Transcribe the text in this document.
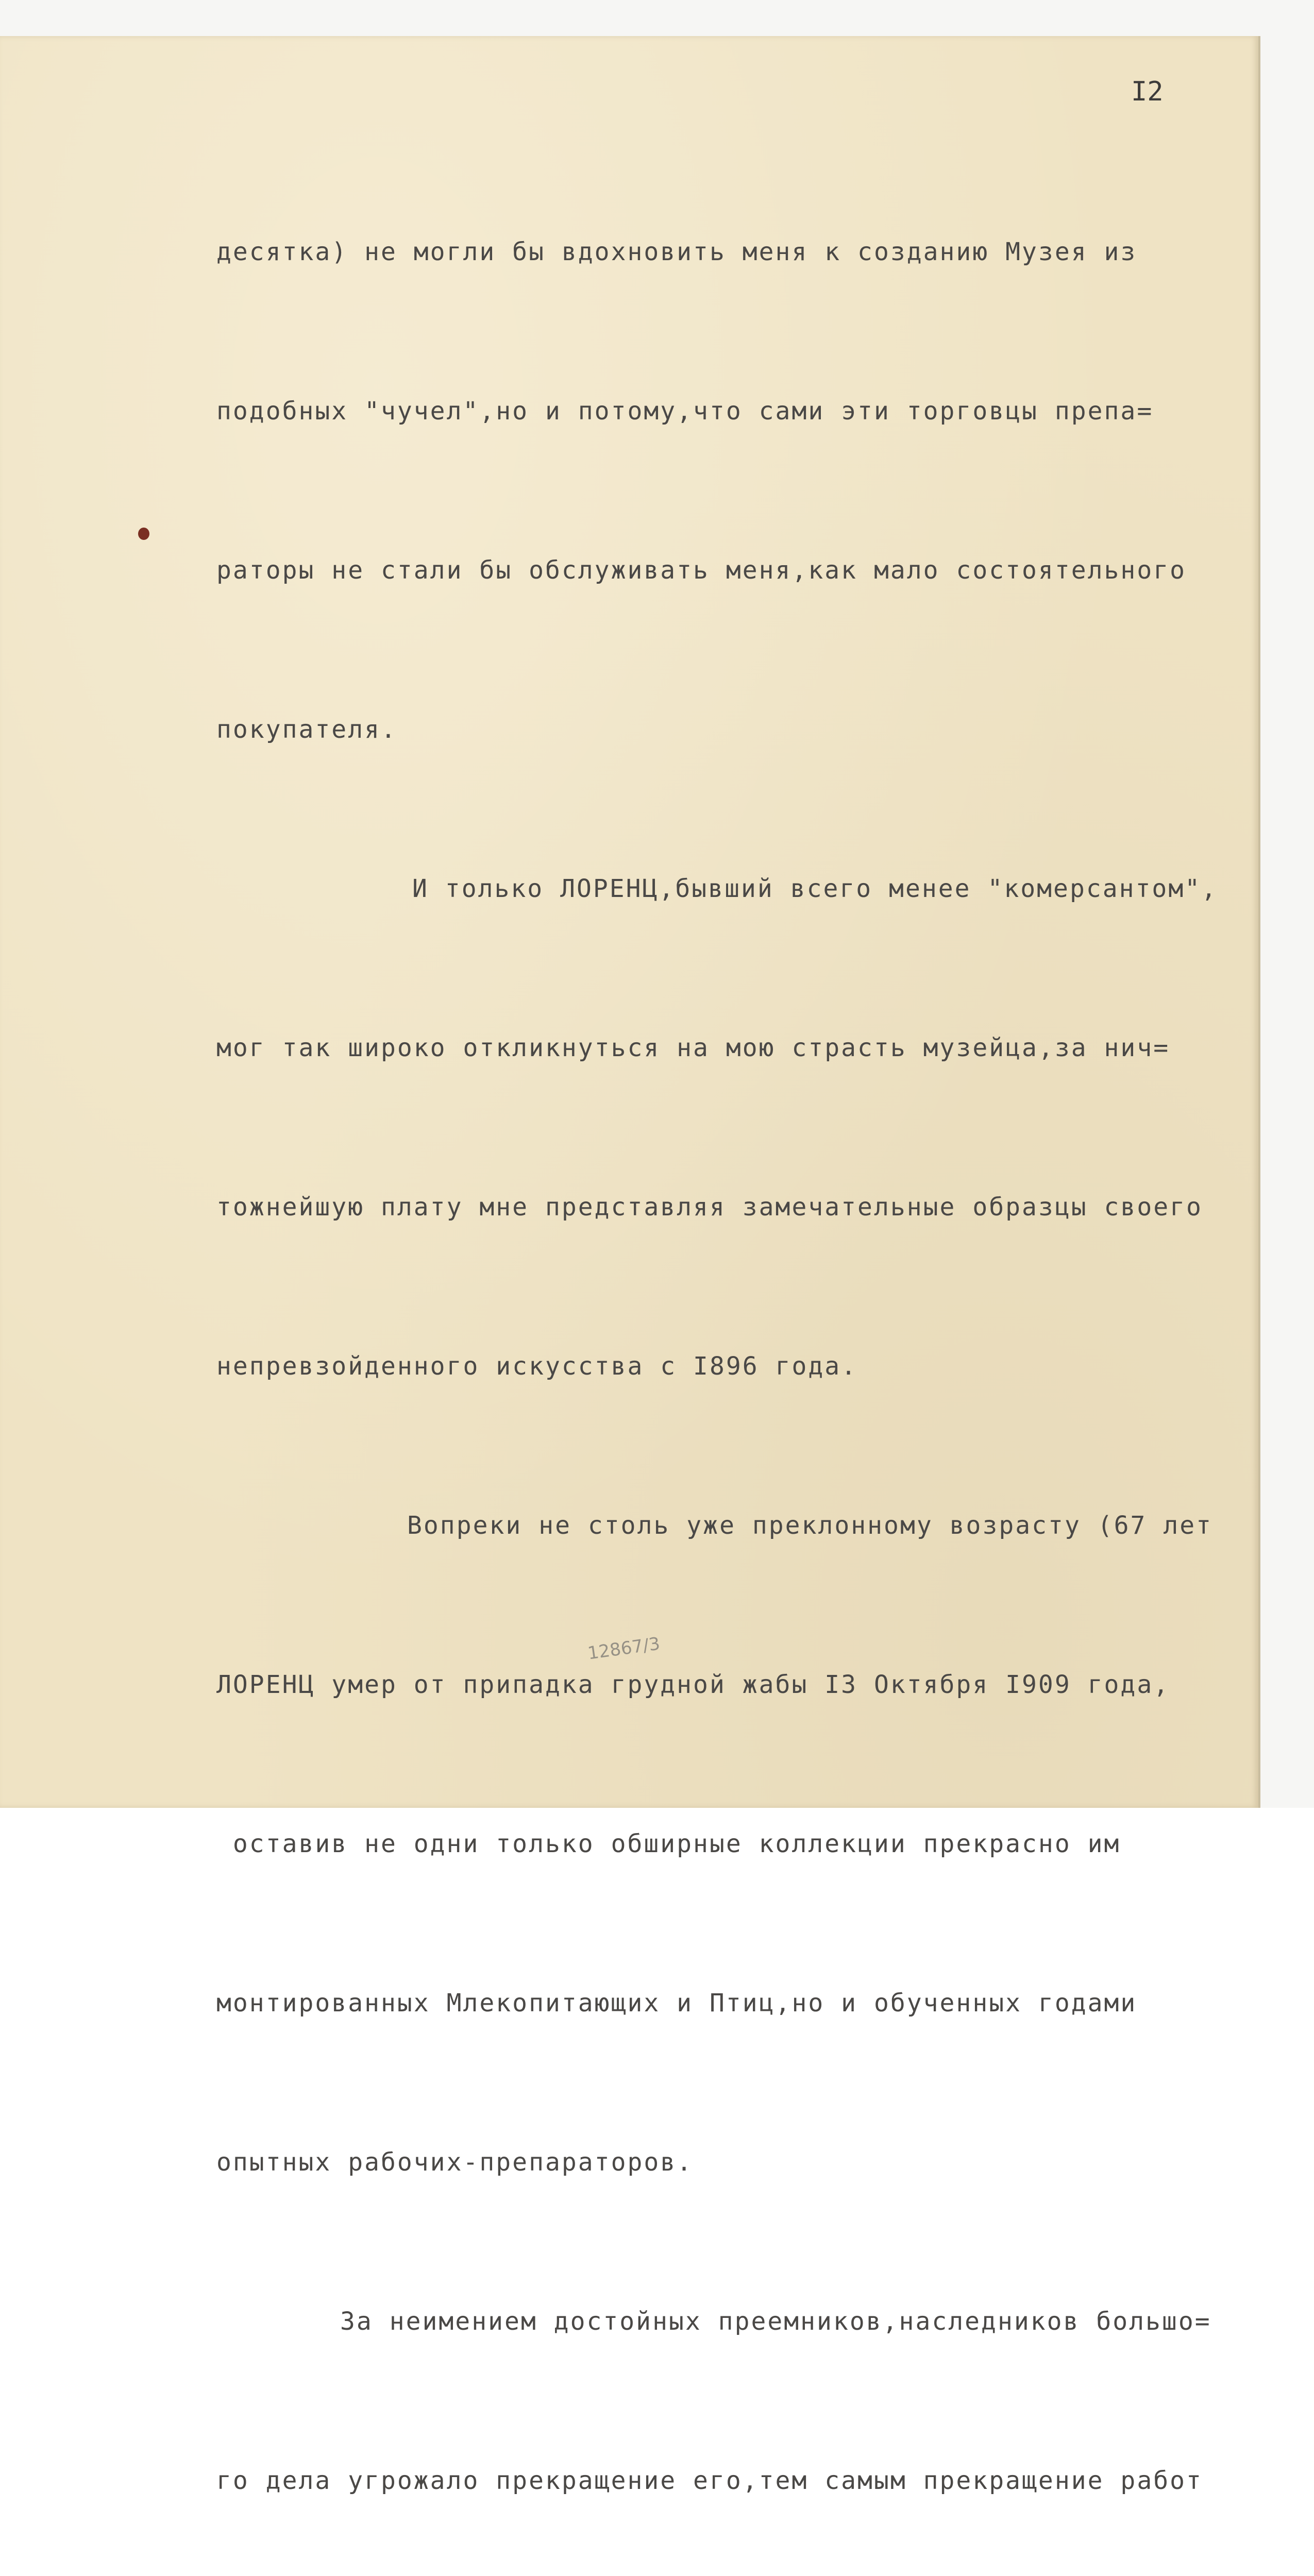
I2

десятка) не могли бы вдохновить меня к созданию Музея из

подобных "чучел",но и потому,что сами эти торговцы препа=

раторы не стали бы обслуживать меня,как мало состоятельного

покупателя.

И только ЛОРЕНЦ,бывший всего менее "комерсантом",

мог так широко откликнуться на мою страсть музейца,за нич=

тожнейшую плату мне представляя замечательные образцы своего

непревзойденного искусства с I896 года.

Вопреки не столь уже преклонному возрасту (67 лет

ЛОРЕНЦ умер от припадка грудной жабы I3 Октября I909 года,

оставив не одни только обширные коллекции прекрасно им

монтированных Млекопитающих и Птиц,но и обученных годами

опытных рабочих-препараторов.

За неимением достойных преемников,наследников большо=

го дела угрожало прекращение его,тем самым прекращение работ

12867/3
